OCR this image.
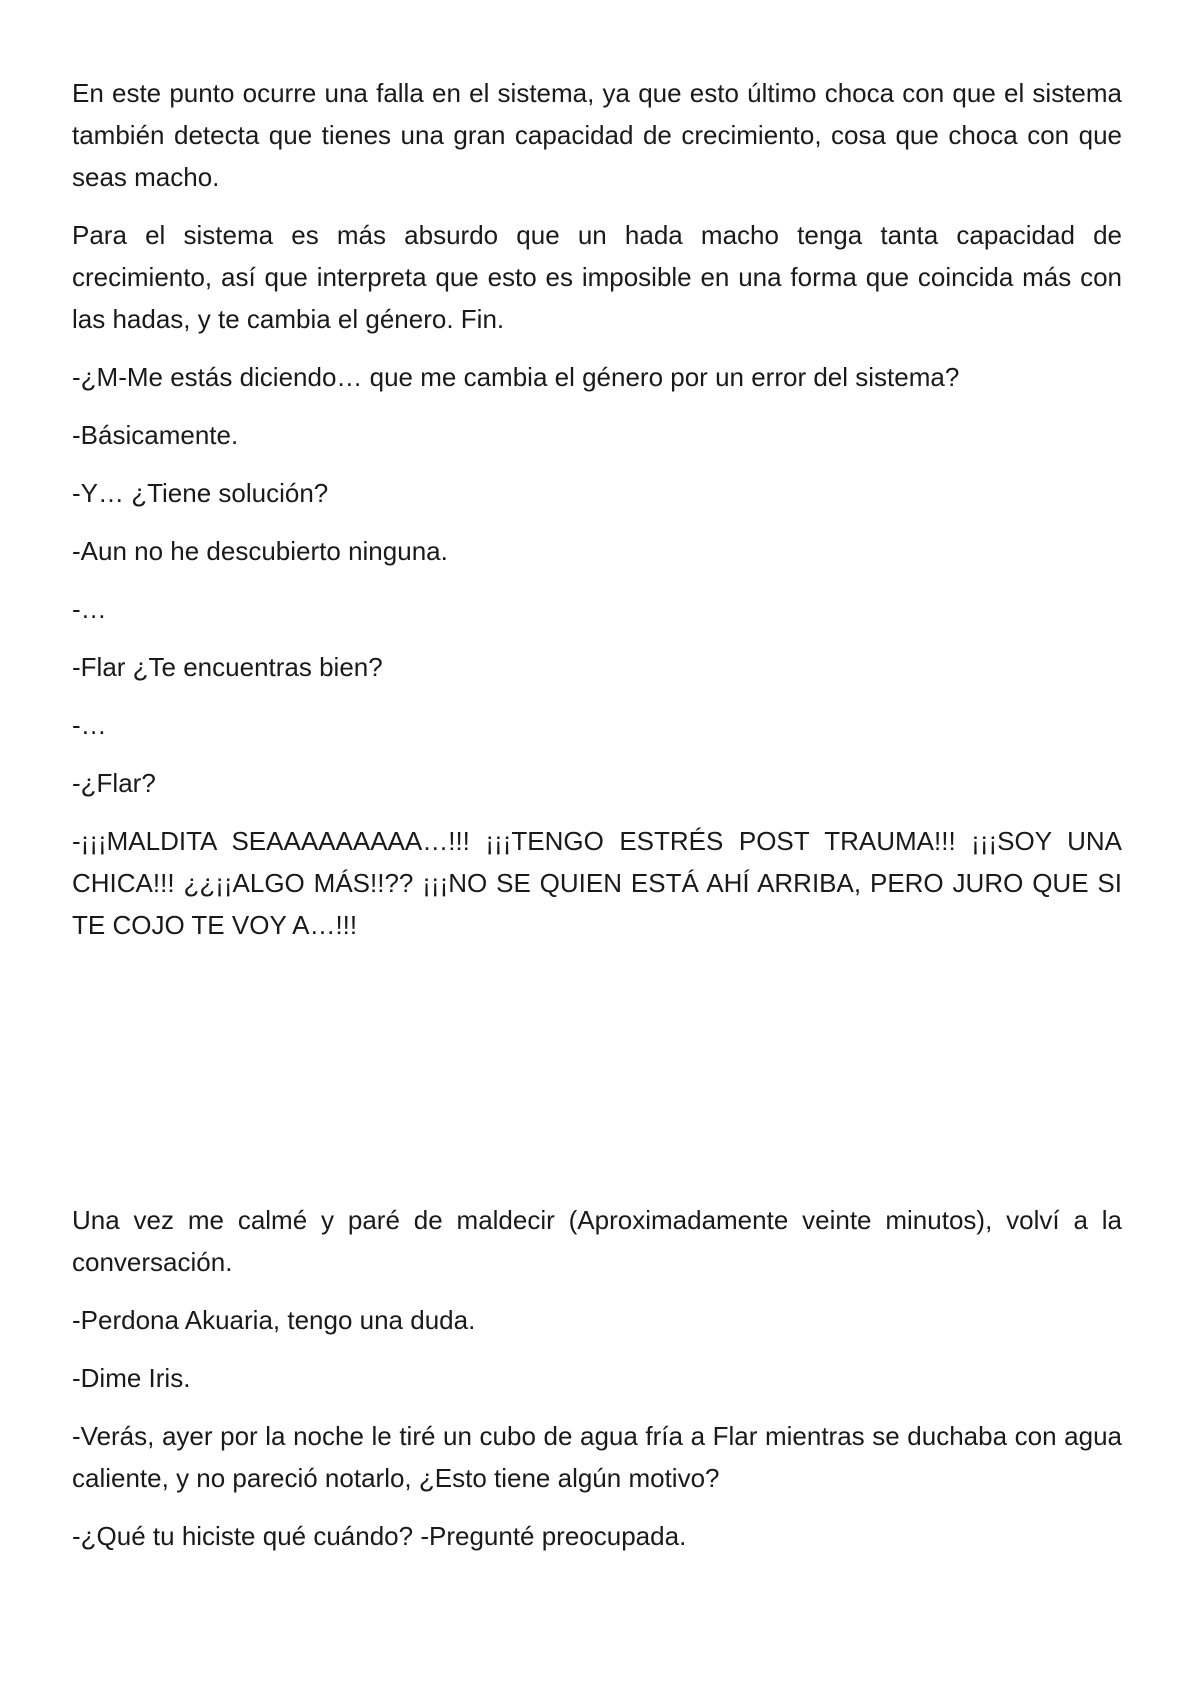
En este punto ocurre una falla en el sistema, ya que esto último choca con que el sistema también detecta que tienes una gran capacidad de crecimiento, cosa que choca con que seas macho.

Para el sistema es más absurdo que un hada macho tenga tanta capacidad de crecimiento, así que interpreta que esto es imposible en una forma que coincida más con las hadas, y te cambia el género. Fin.

-¿M-Me estás diciendo… que me cambia el género por un error del sistema?

-Básicamente.

-Y… ¿Tiene solución?

-Aun no he descubierto ninguna.

-…

-Flar ¿Te encuentras bien?

-…

-¿Flar?

-¡¡¡MALDITA SEAAAAAAAAA…!!! ¡¡¡TENGO ESTRÉS POST TRAUMA!!! ¡¡¡SOY UNA CHICA!!! ¿¿¡¡ALGO MÁS!!?? ¡¡¡NO SE QUIEN ESTÁ AHÍ ARRIBA, PERO JURO QUE SI TE COJO TE VOY A…!!!

Una vez me calmé y paré de maldecir (Aproximadamente veinte minutos), volví a la conversación.

-Perdona Akuaria, tengo una duda.

-Dime Iris.

-Verás, ayer por la noche le tiré un cubo de agua fría a Flar mientras se duchaba con agua caliente, y no pareció notarlo, ¿Esto tiene algún motivo?

-¿Qué tu hiciste qué cuándo? -Pregunté preocupada.
